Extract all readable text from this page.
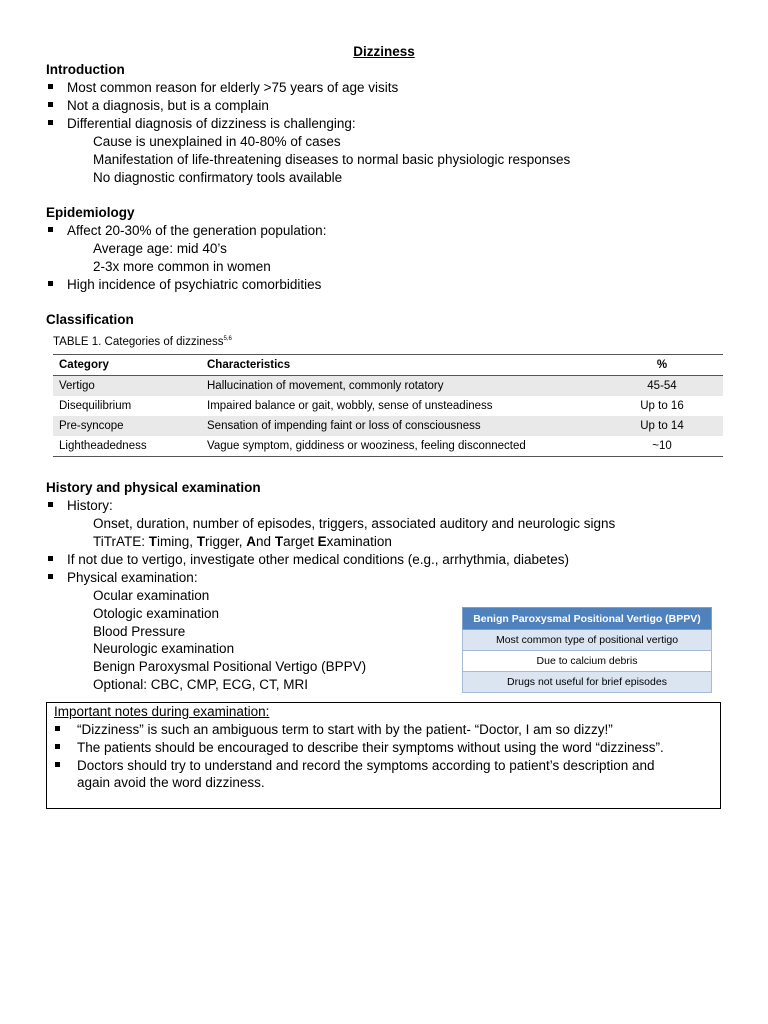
Dizziness
Introduction
Most common reason for elderly >75 years of age visits
Not a diagnosis, but is a complain
Differential diagnosis of dizziness is challenging:
Cause is unexplained in 40-80% of cases
Manifestation of life-threatening diseases to normal basic physiologic responses
No diagnostic confirmatory tools available
Epidemiology
Affect 20-30% of the generation population:
Average age: mid 40’s
2-3x more common in women
High incidence of psychiatric comorbidities
Classification
TABLE 1. Categories of dizziness$^{5,6}$
Category	Characteristics	%
Vertigo	Hallucination of movement, commonly rotatory	45-54
Disequilibrium	Impaired balance or gait, wobbly, sense of unsteadiness	Up to 16
Pre-syncope	Sensation of impending faint or loss of consciousness	Up to 14
Lightheadedness	Vague symptom, giddiness or wooziness, feeling disconnected	~10
History and physical examination
History:
Onset, duration, number of episodes, triggers, associated auditory and neurologic signs
TiTrATE: Timing, Trigger, And Target Examination
If not due to vertigo, investigate other medical conditions (e.g., arrhythmia, diabetes)
Physical examination:
Ocular examination
Otologic examination
Blood Pressure
Neurologic examination
Benign Paroxysmal Positional Vertigo (BPPV)
Optional: CBC, CMP, ECG, CT, MRI
Benign Paroxysmal Positional Vertigo (BPPV)
Most common type of positional vertigo
Due to calcium debris
Drugs not useful for brief episodes
Important notes during examination:
“Dizziness” is such an ambiguous term to start with by the patient- “Doctor, I am so dizzy!”
The patients should be encouraged to describe their symptoms without using the word “dizziness”.
Doctors should try to understand and record the symptoms according to patient’s description and
again avoid the word dizziness.
